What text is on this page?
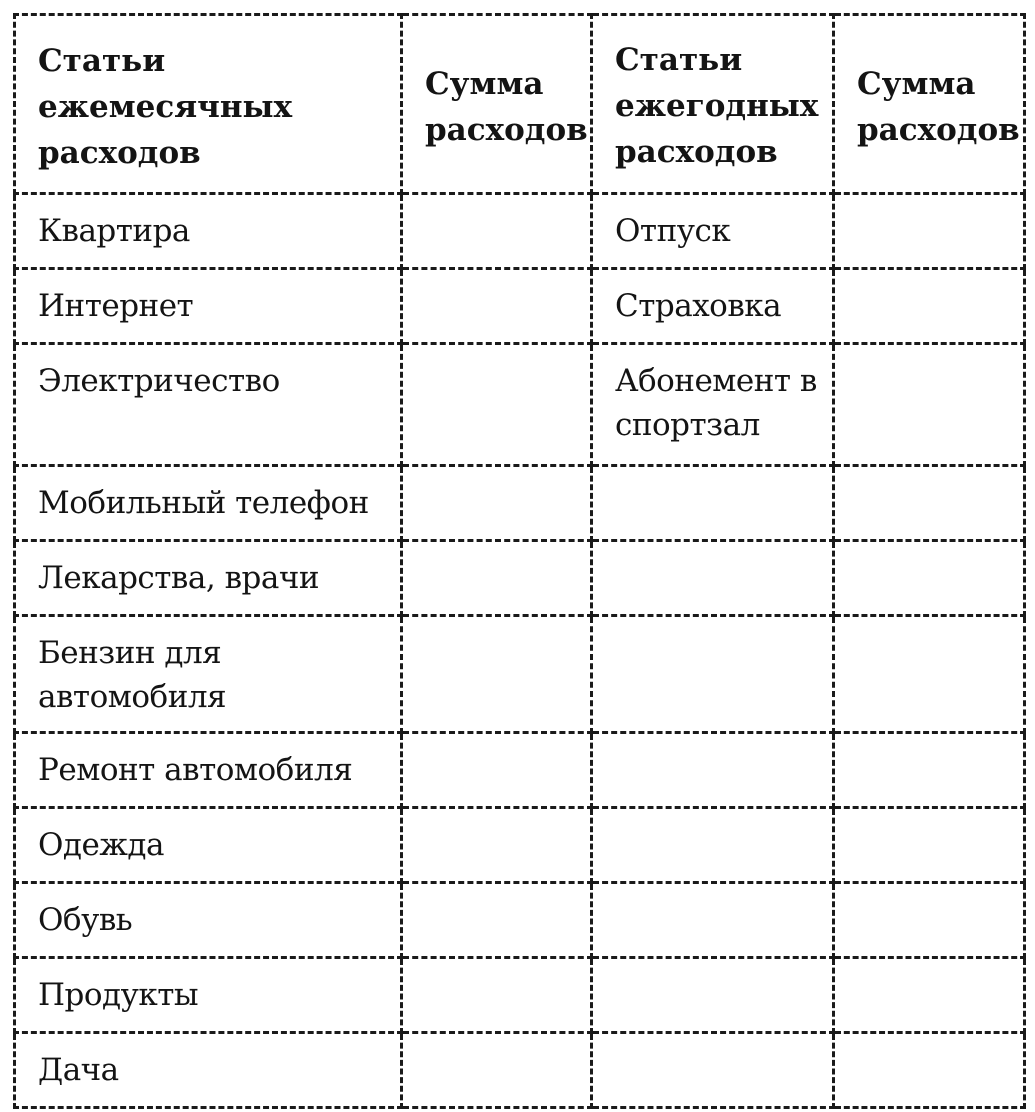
Статьи ежемесячных расходов	Сумма расходов	Статьи ежегодных расходов	Сумма расходов
Квартира		Отпуск	
Интернет		Страховка	
Электричество		Абонемент в спортзал	
Мобильный телефон			
Лекарства, врачи			
Бензин для автомобиля			
Ремонт автомобиля			
Одежда			
Обувь			
Продукты			
Дача			
